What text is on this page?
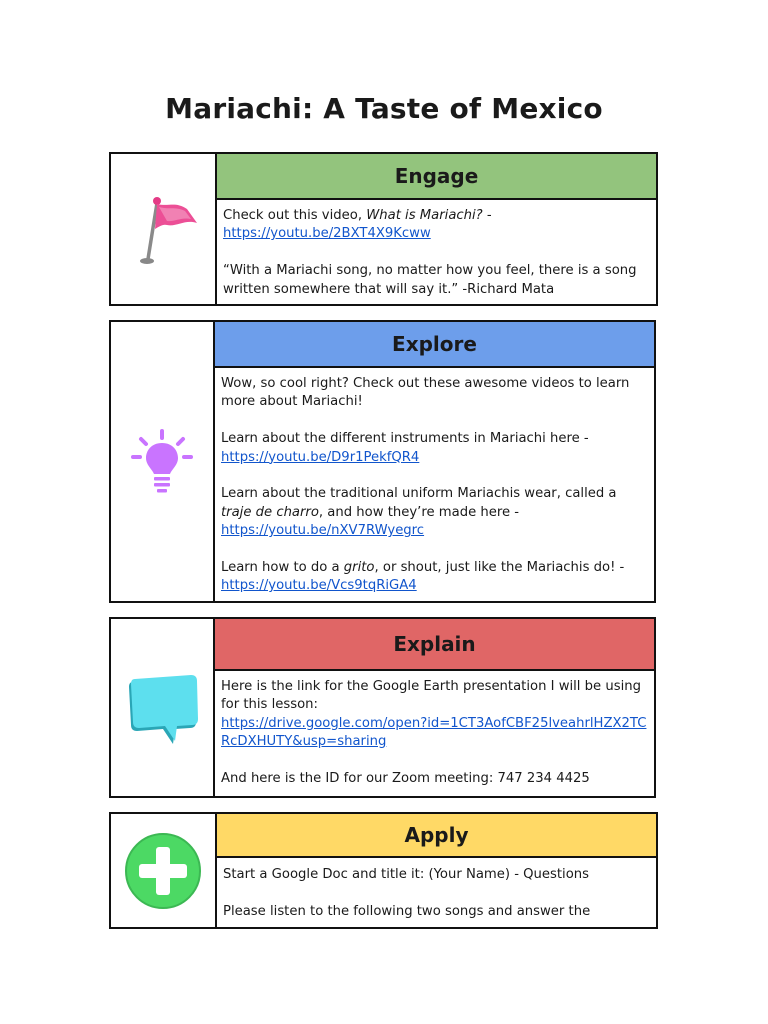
Mariachi: A Taste of Mexico
Engage

Check out this video, What is Mariachi? -
https://youtu.be/2BXT4X9Kcww

“With a Mariachi song, no matter how you feel, there is a song written somewhere that will say it.” -Richard Mata

Explore

Wow, so cool right? Check out these awesome videos to learn more about Mariachi!

Learn about the different instruments in Mariachi here -
https://youtu.be/D9r1PekfQR4

Learn about the traditional uniform Mariachis wear, called a traje de charro, and how they’re made here -
https://youtu.be/nXV7RWyegrc

Learn how to do a grito, or shout, just like the Mariachis do! -
https://youtu.be/Vcs9tqRiGA4

Explain

Here is the link for the Google Earth presentation I will be using for this lesson:
https://drive.google.com/open?id=1CT3AofCBF25lveahrlHZX2TCRcDXHUTY&usp=sharing

And here is the ID for our Zoom meeting: 747 234 4425

Apply

Start a Google Doc and title it: (Your Name) - Questions

Please listen to the following two songs and answer the
